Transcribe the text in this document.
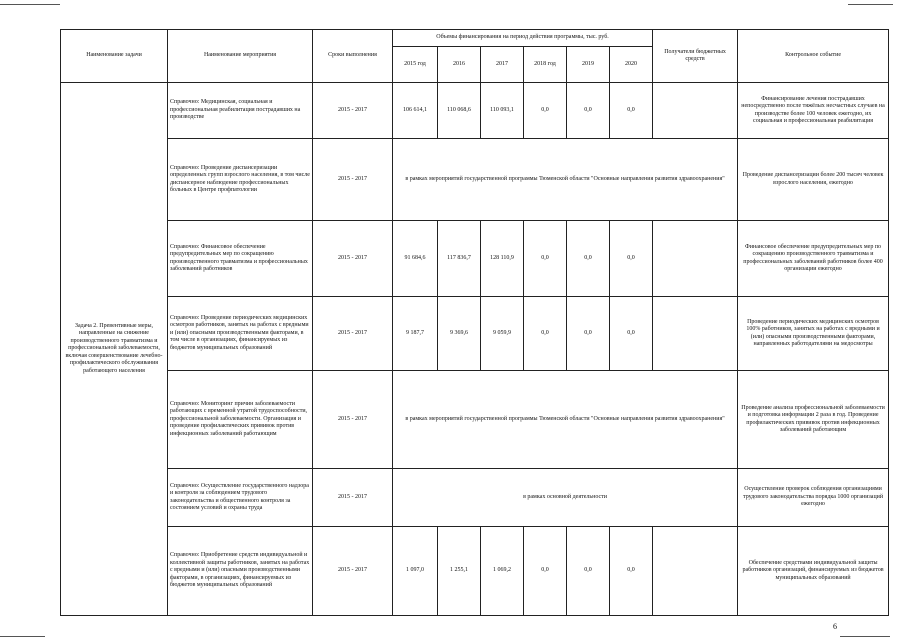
Наименование задачи	Наименование мероприятия	Сроки выполнения	Объемы финансирования на период действия программы, тыс. руб.						Получатели бюджетных средств	Контрольное событие
			2015 год	2016	2017	2018 год	2019	2020		
Задача 2. Превентивные меры, направленные на снижение производственного травматизма и профессиональной заболеваемости, включая совершенствование лечебно-профилактического обслуживания работающего населения	Справочно: Медицинская, социальная и профессиональная реабилитация пострадавших на производстве	2015 - 2017	106 614,1	110 068,6	110 093,1	0,0	0,0	0,0		Финансирование лечения пострадавших непосредственно после тяжёлых несчастных случаев на производстве более 100 человек ежегодно, их социальная и профессиональная реабилитация
	Справочно: Проведение диспансеризации определенных групп взрослого населения, в том числе диспансерное наблюдение профессиональных больных в Центре профпатологии	2015 - 2017	в рамках мероприятий государственной программы Тюменской области "Основные направления развития здравоохранения"							Проведение диспансеризации более 200 тысяч человек взрослого населения, ежегодно
	Справочно: Финансовое обеспечение предупредительных мер по сокращению производственного травматизма и профессиональных заболеваний работников	2015 - 2017	91 684,6	117 836,7	128 110,9	0,0	0,0	0,0		Финансовое обеспечение предупредительных мер по сокращению производственного травматизма и профессиональных заболеваний работников более 400 организации ежегодно
	Справочно: Проведение периодических медицинских осмотров работников, занятых на работах с вредными и (или) опасными производственными факторами, в том числе в организациях, финансируемых из бюджетов муниципальных образований	2015 - 2017	9 187,7	9 369,6	9 059,9	0,0	0,0	0,0		Проведение периодических медицинских осмотров 100% работников, занятых на работах с вредными и (или) опасными производственными факторами, направленных работодателями на медосмотры
	Справочно: Мониторинг причин заболеваемости работающих с временной утратой трудоспособности, профессиональной заболеваемости. Организация и проведение профилактических прививок против инфекционных заболеваний работающим	2015 - 2017	в рамках мероприятий государственной программы Тюменской области "Основные направления развития здравоохранения"							Проведение анализа профессиональной заболеваемости и подготовка информации 2 раза в год. Проведение профилактических прививок против инфекционных заболеваний работающим
	Справочно: Осуществление государственного надзора и контроля за соблюдением трудового законодательства и общественного контроля за состоянием условий и охраны труда	2015 - 2017	в рамках основной деятельности							Осуществление проверок соблюдения организациями трудового законодательства порядка 1000 организаций ежегодно
	Справочно: Приобретение средств индивидуальной и коллективной защиты работников, занятых на работах с вредными и (или) опасными производственными факторами, в организациях, финансируемых из бюджетов муниципальных образований	2015 - 2017	1 097,0	1 255,1	1 069,2	0,0	0,0	0,0		Обеспечение средствами индивидуальной защиты работников организаций, финансируемых из бюджетов муниципальных образований
6
